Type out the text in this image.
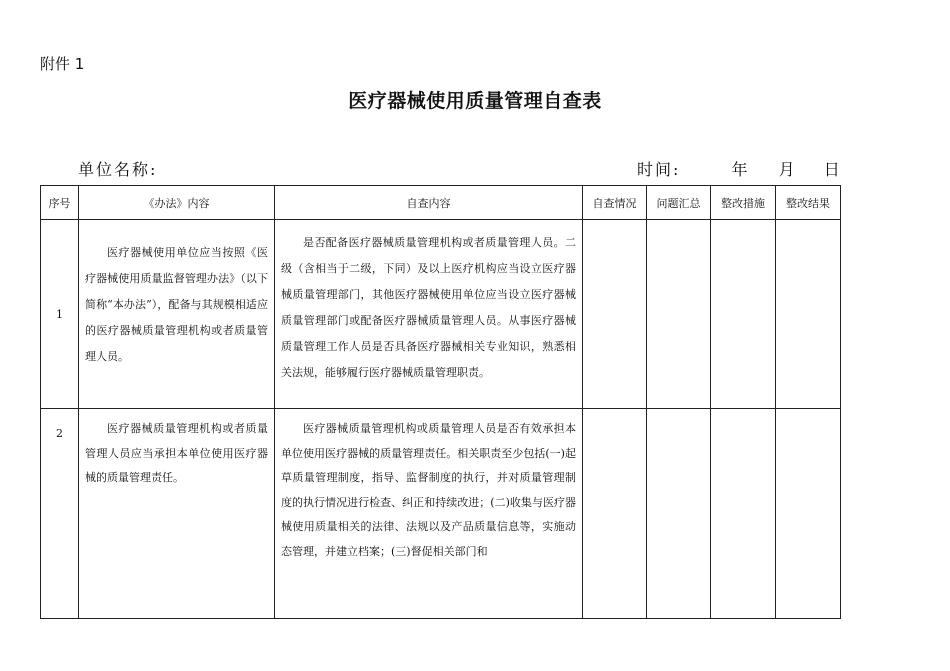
附件 1
医疗器械使用质量管理自查表
单位名称:	时间:	年 月 日
序号	《办法》内容	自查内容	自查情况	问题汇总	整改措施	整改结果
1	医疗器械使用单位应当按照《医疗器械使用质量监督管理办法》（以下简称“本办法”），配备与其规模相适应的医疗器械质量管理机构或者质量管理人员。	是否配备医疗器械质量管理机构或者质量管理人员。二级（含相当于二级，下同）及以上医疗机构应当设立医疗器械质量管理部门，其他医疗器械使用单位应当设立医疗器械质量管理部门或配备医疗器械质量管理人员。从事医疗器械质量管理工作人员是否具备医疗器械相关专业知识，熟悉相关法规，能够履行医疗器械质量管理职责。				

2	医疗器械质量管理机构或者质量管理人员应当承担本单位使用医疗器械的质量管理责任。	医疗器械质量管理机构或质量管理人员是否有效承担本单位使用医疗器械的质量管理责任。相关职责至少包括(一)起草质量管理制度，指导、监督制度的执行，并对质量管理制度的执行情况进行检查、纠正和持续改进；(二)收集与医疗器械使用质量相关的法律、法规以及产品质量信息等，实施动态管理，并建立档案；(三)督促相关部门和				
